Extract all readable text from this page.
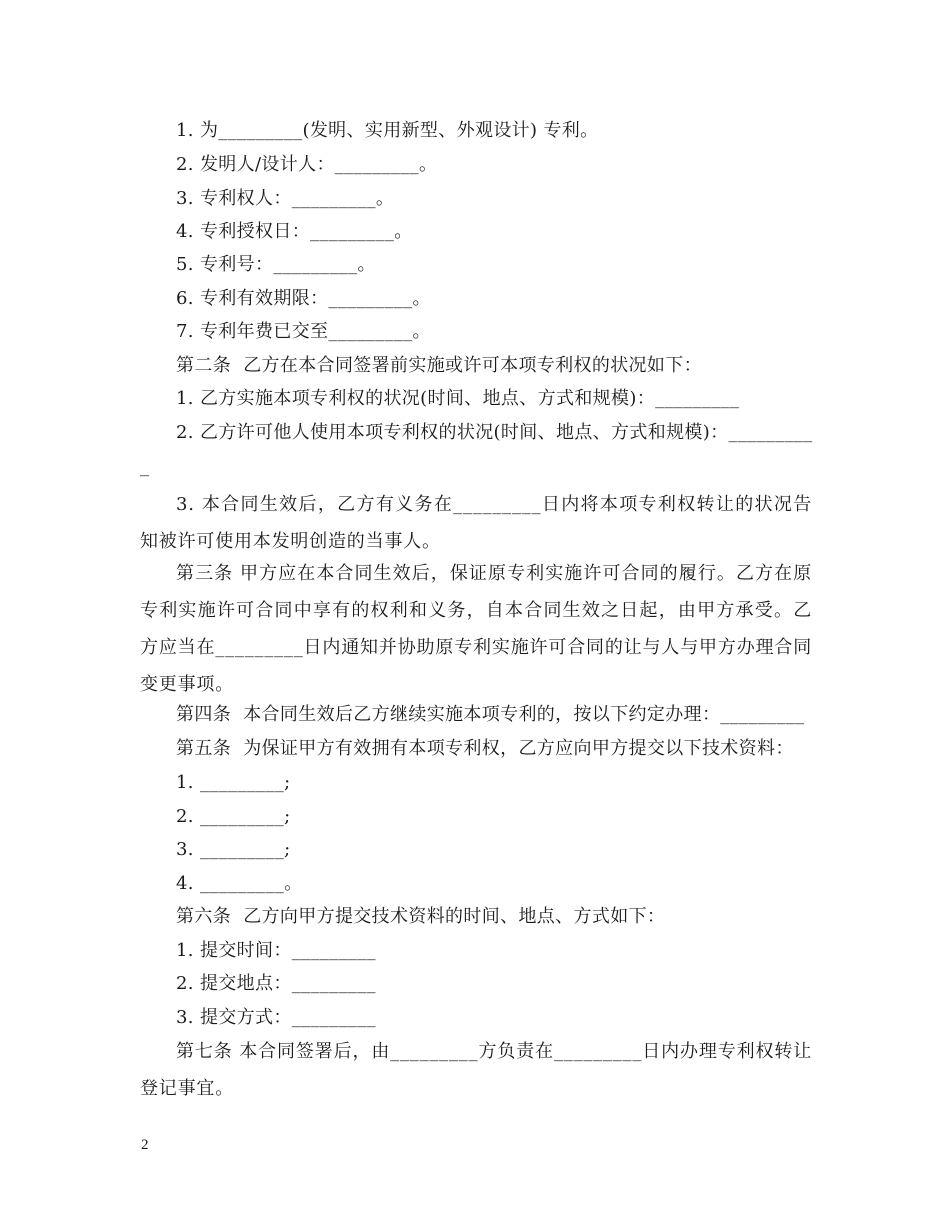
1. 为_________(发明、实用新型、外观设计) 专利。
2. 发明人/设计人：_________。
3. 专利权人：_________。
4. 专利授权日：_________。
5. 专利号：_________。
6. 专利有效期限：_________。
7. 专利年费已交至_________。
第二条  乙方在本合同签署前实施或许可本项专利权的状况如下：
1. 乙方实施本项专利权的状况(时间、地点、方式和规模)：_________
2. 乙方许可他人使用本项专利权的状况(时间、地点、方式和规模)：_________
_

3. 本合同生效后，乙方有义务在_________日内将本项专利权转让的状况告知被许可使用本发明创造的当事人。

第三条 甲方应在本合同生效后，保证原专利实施许可合同的履行。乙方在原专利实施许可合同中享有的权利和义务，自本合同生效之日起，由甲方承受。乙方应当在_________日内通知并协助原专利实施许可合同的让与人与甲方办理合同变更事项。

第四条  本合同生效后乙方继续实施本项专利的，按以下约定办理：_________
第五条  为保证甲方有效拥有本项专利权，乙方应向甲方提交以下技术资料：
1. _________;
2. _________;
3. _________;
4. _________。
第六条  乙方向甲方提交技术资料的时间、地点、方式如下：
1. 提交时间：_________
2. 提交地点：_________
3. 提交方式：_________

第七条 本合同签署后，由_________方负责在_________日内办理专利权转让登记事宜。

2
